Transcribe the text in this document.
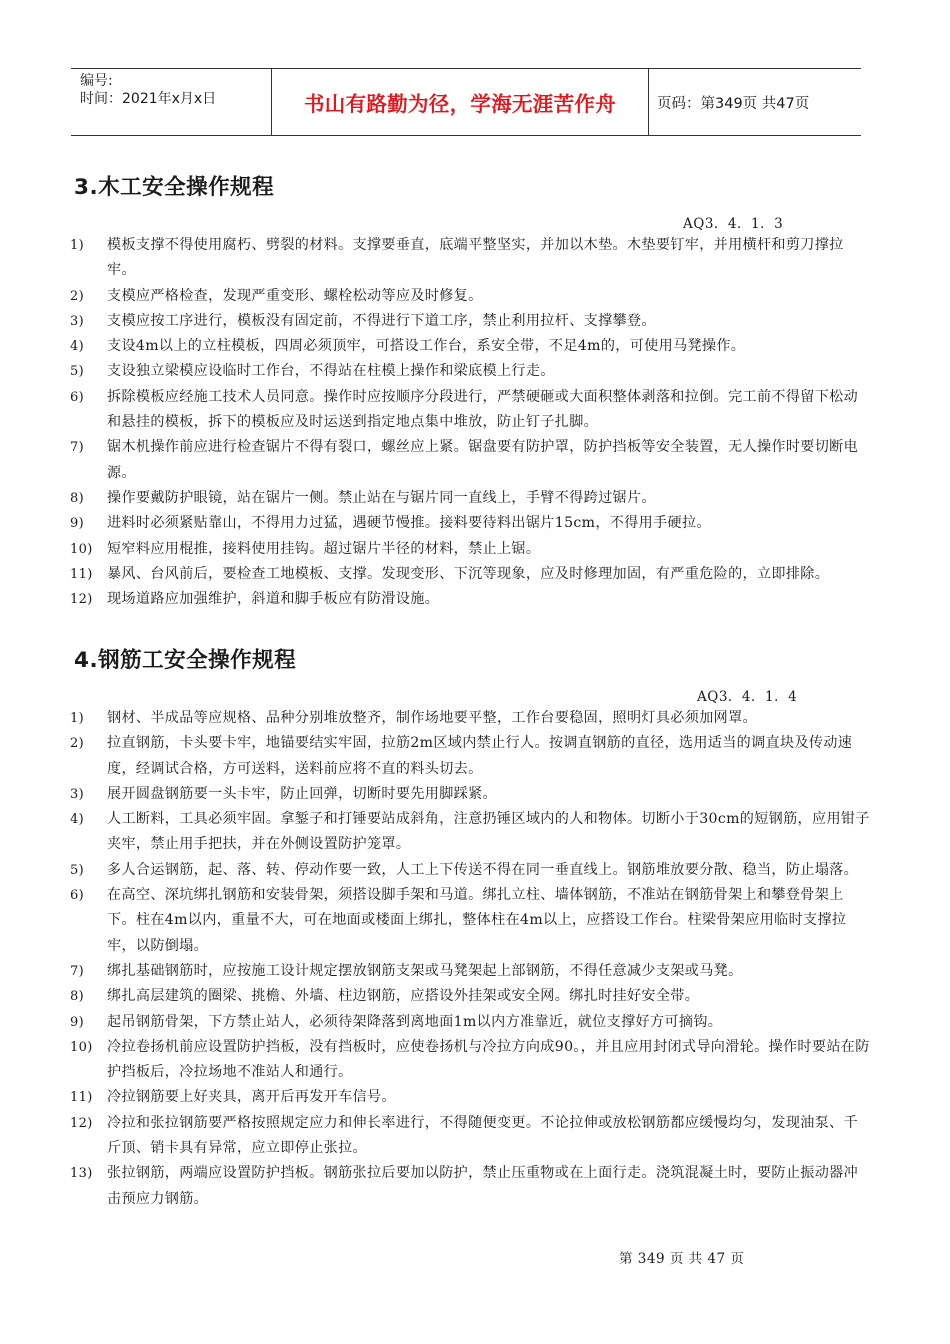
编号:
时间：2021年x月x日	书山有路勤为径，学海无涯苦作舟	页码：第349页 共47页
3.木工安全操作规程
AQ3．4．1．3
1) 模板支撑不得使用腐朽、劈裂的材料。支撑要垂直，底端平整坚实，并加以木垫。木垫要钉牢，并用横杆和剪刀撑拉牢。
2) 支模应严格检查，发现严重变形、螺栓松动等应及时修复。
3) 支模应按工序进行，模板没有固定前，不得进行下道工序，禁止利用拉杆、支撑攀登。
4) 支设4m以上的立柱模板，四周必须顶牢，可搭设工作台，系安全带，不足4m的，可使用马凳操作。
5) 支设独立梁模应设临时工作台，不得站在柱模上操作和梁底模上行走。
6) 拆除模板应经施工技术人员同意。操作时应按顺序分段进行，严禁硬砸或大面积整体剥落和拉倒。完工前不得留下松动和悬挂的模板，拆下的模板应及时运送到指定地点集中堆放，防止钉子扎脚。
7) 锯木机操作前应进行检查锯片不得有裂口，螺丝应上紧。锯盘要有防护罩，防护挡板等安全装置，无人操作时要切断电源。
8) 操作要戴防护眼镜，站在锯片一侧。禁止站在与锯片同一直线上，手臂不得跨过锯片。
9) 进料时必须紧贴靠山，不得用力过猛，遇硬节慢推。接料要待料出锯片15cm，不得用手硬拉。
10) 短窄料应用棍推，接料使用挂钩。超过锯片半径的材料，禁止上锯。
11) 暴风、台风前后，要检查工地模板、支撑。发现变形、下沉等现象，应及时修理加固，有严重危险的，立即排除。
12) 现场道路应加强维护，斜道和脚手板应有防滑设施。
4.钢筋工安全操作规程
AQ3．4．1．4
1) 钢材、半成品等应规格、品种分别堆放整齐，制作场地要平整，工作台要稳固，照明灯具必须加网罩。
2) 拉直钢筋，卡头要卡牢，地锚要结实牢固，拉筋2m区域内禁止行人。按调直钢筋的直径，选用适当的调直块及传动速度，经调试合格，方可送料，送料前应将不直的料头切去。
3) 展开圆盘钢筋要一头卡牢，防止回弹，切断时要先用脚踩紧。
4) 人工断料，工具必须牢固。拿錾子和打锤要站成斜角，注意扔锤区域内的人和物体。切断小于30cm的短钢筋，应用钳子夹牢，禁止用手把扶，并在外侧设置防护笼罩。
5) 多人合运钢筋，起、落、转、停动作要一致，人工上下传送不得在同一垂直线上。钢筋堆放要分散、稳当，防止塌落。
6) 在高空、深坑绑扎钢筋和安装骨架，须搭设脚手架和马道。绑扎立柱、墙体钢筋，不准站在钢筋骨架上和攀登骨架上下。柱在4m以内，重量不大，可在地面或楼面上绑扎，整体柱在4m以上，应搭设工作台。柱梁骨架应用临时支撑拉牢，以防倒塌。
7) 绑扎基础钢筋时，应按施工设计规定摆放钢筋支架或马凳架起上部钢筋，不得任意减少支架或马凳。
8) 绑扎高层建筑的圈梁、挑檐、外墙、柱边钢筋，应搭设外挂架或安全网。绑扎时挂好安全带。
9) 起吊钢筋骨架，下方禁止站人，必须待架降落到离地面1m以内方准靠近，就位支撑好方可摘钩。
10) 冷拉卷扬机前应设置防护挡板，没有挡板时，应使卷扬机与冷拉方向成90。，并且应用封闭式导向滑轮。操作时要站在防护挡板后，冷拉场地不准站人和通行。
11) 冷拉钢筋要上好夹具，离开后再发开车信号。
12) 冷拉和张拉钢筋要严格按照规定应力和伸长率进行，不得随便变更。不论拉伸或放松钢筋都应缓慢均匀，发现油泵、千斤顶、销卡具有异常，应立即停止张拉。
13) 张拉钢筋，两端应设置防护挡板。钢筋张拉后要加以防护，禁止压重物或在上面行走。浇筑混凝土时，要防止振动器冲击预应力钢筋。
第 349 页 共 47 页
